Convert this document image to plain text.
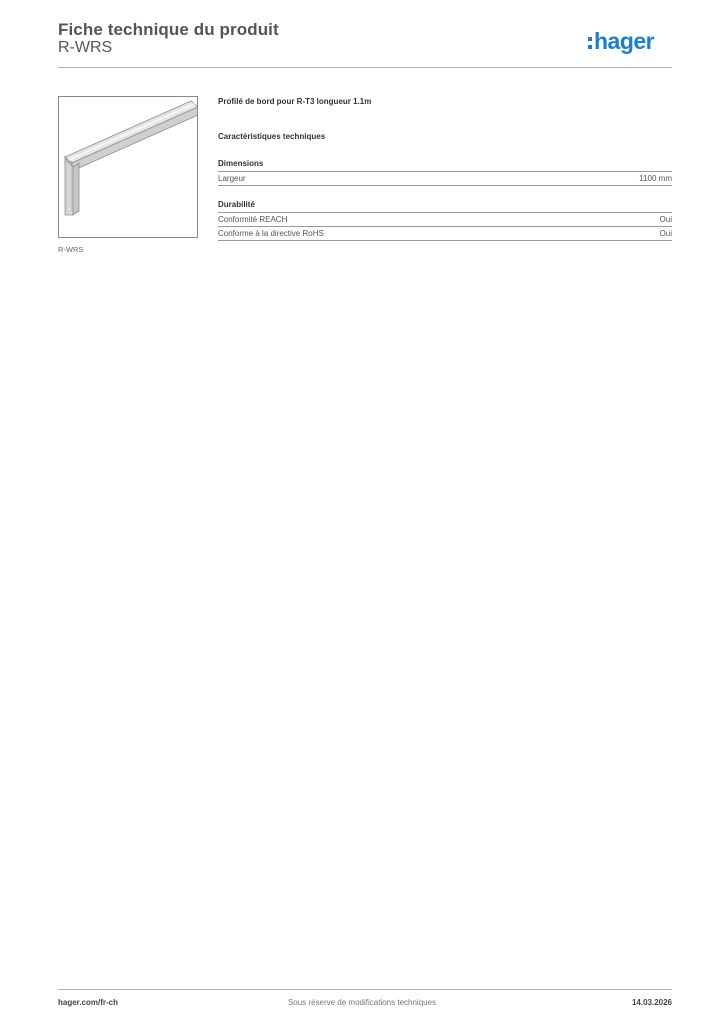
Fiche technique du produit
R-WRS	hager
R-WRS
Profilé de bord pour R-T3 longueur 1.1m
Caractéristiques techniques
Dimensions
Largeur	1100 mm
Durabilité
Conformité REACH	Oui
Conforme à la directive RoHS	Oui
hager.com/fr-ch	Sous réserve de modifications techniques	14.03.2026
